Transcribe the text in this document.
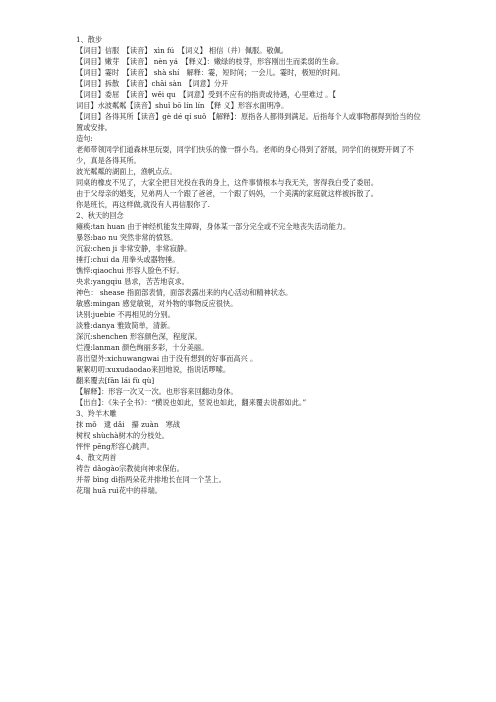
1、散步

【词目】信服　【读音】 xìn fú　【词义】 相信（并）佩服。敬佩。

【词目】嫩芽　【读音】 nèn yá　【释义】：嫩绿的枝芽，形容刚出生而柔弱的生命。

【词目】霎时　【读音】 shà shí　解释：霎，短时间；一会儿。霎时，极短的时间。

【词目】拆散　【读音】chāi sàn　【词意】分开

【词目】委屈　【读音】wěi qu　【词意】受到不应有的指责或待遇，心里难过 。【

词目】水波粼粼【读音】shuǐ bō lín lín 【释 义】形容水面明净。

【词目】各得其所【读音】gè dé qí suǒ 【解释】：原指各人都得到满足。后指每个人或事物都得到恰当的位置或安排。

造句:

老师带领同学们道森林里玩耍，同学们快乐的像一群小鸟。老师的身心得到了舒展，同学们的视野开阔了不少，真是各得其所。

波光粼粼的湖面上，渔帆点点。

同桌的橡皮不见了，大家全把目光投在我的身上，这件事情根本与我无关，害得我白受了委屈。

由于父母亲的婚变，兄弟两人一个跟了爸爸，一个跟了妈妈，一个美满的家庭就这样被拆散了。

你是班长，再这样做,就没有人再信服你了.

2、秋天的回念

瘫痪:tan huan 由于神经机能发生障碍，身体某一部分完全或不完全地丧失活动能力。

暴怒:bao nu 突然非常的愤怒。

沉寂:chen ji 非常安静，非常寂静。

捶打:chui da 用拳头或器物捶。

憔悴:qiaochui 形容人脸色不好。

央求:yangqiu 恳求，苦苦地哀求。

神色： shease 指面部表情，面部表露出来的内心活动和精神状态。

敏感:mingan 感觉敏锐，对外物的事物反应很快。

诀别:juebie 不再相见的分别。

淡雅:danya 雅致简单，清新。

深沉:shenchen 形容颜色深，程度深。

烂漫:lanman 颜色绚丽多彩，十分美丽。

喜出望外:xichuwangwai 由于没有想到的好事而高兴 。

絮絮叨叨:xuxudaodao来回地说，指说话啰嗦。

翻来覆去[fān lái fù qù]

【解释】：形容一次又一次。也形容来回翻动身体。

【出自】：《朱子全书》：“横说也如此，竖说也如此，翻来覆去说都如此。”

3、羚羊木雕

抹 mǒ　逮 dǎi　攥 zuàn　寒战

树杈 shùchà树木的分枝处。

怦怦 pēng形容心跳声。

4、散文两首

祷告 dǎogào宗教徒向神求保佑。

并蒂 bìng dì指两朵花并排地长在同一个茎上。

花瑞 huā ruì花中的祥瑞。
